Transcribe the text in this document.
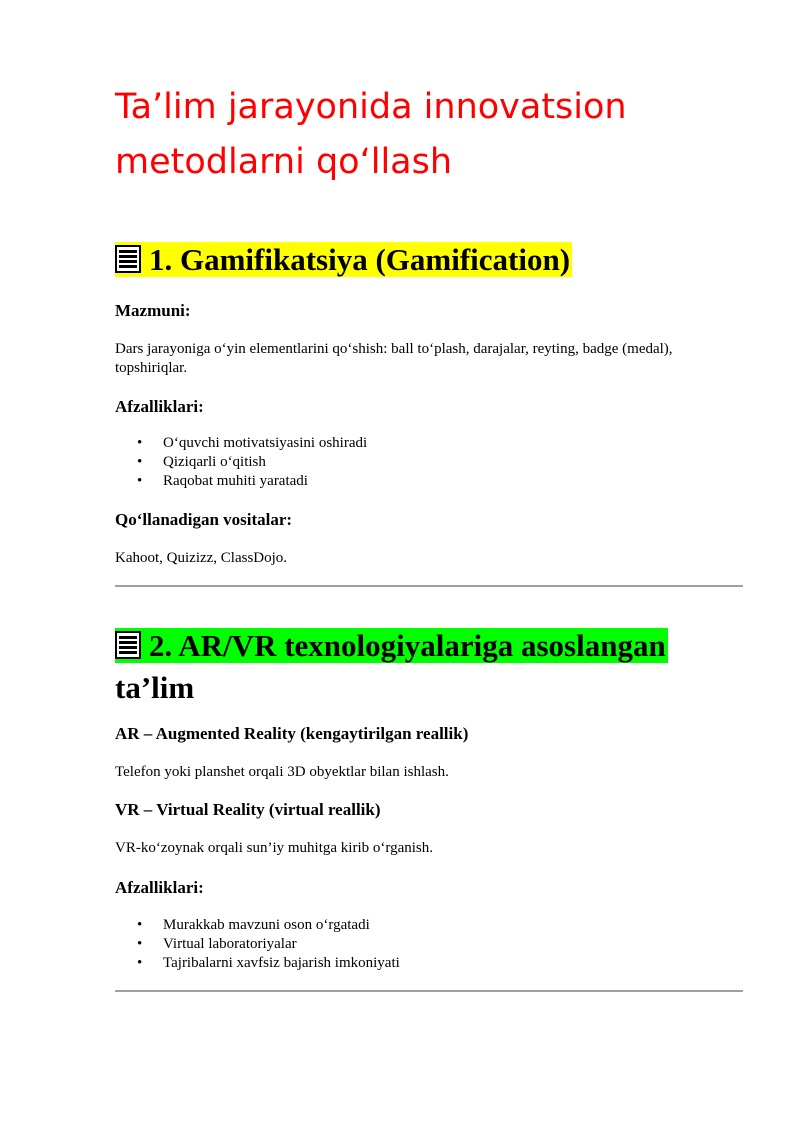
Ta’lim jarayonida innovatsion
metodlarni qo‘llash
1. Gamifikatsiya (Gamification)

Mazmuni:

Dars jarayoniga o‘yin elementlarini qo‘shish: ball to‘plash, darajalar, reyting, badge (medal), topshiriqlar.

Afzalliklari:

• O‘quvchi motivatsiyasini oshiradi
• Qiziqarli o‘qitish
• Raqobat muhiti yaratadi

Qo‘llanadigan vositalar:

Kahoot, Quizizz, ClassDojo.

2. AR/VR texnologiyalariga asoslangan
ta’lim

AR – Augmented Reality (kengaytirilgan reallik)

Telefon yoki planshet orqali 3D obyektlar bilan ishlash.

VR – Virtual Reality (virtual reallik)

VR-ko‘zoynak orqali sun’iy muhitga kirib o‘rganish.

Afzalliklari:

• Murakkab mavzuni oson o‘rgatadi
• Virtual laboratoriyalar
• Tajribalarni xavfsiz bajarish imkoniyati
